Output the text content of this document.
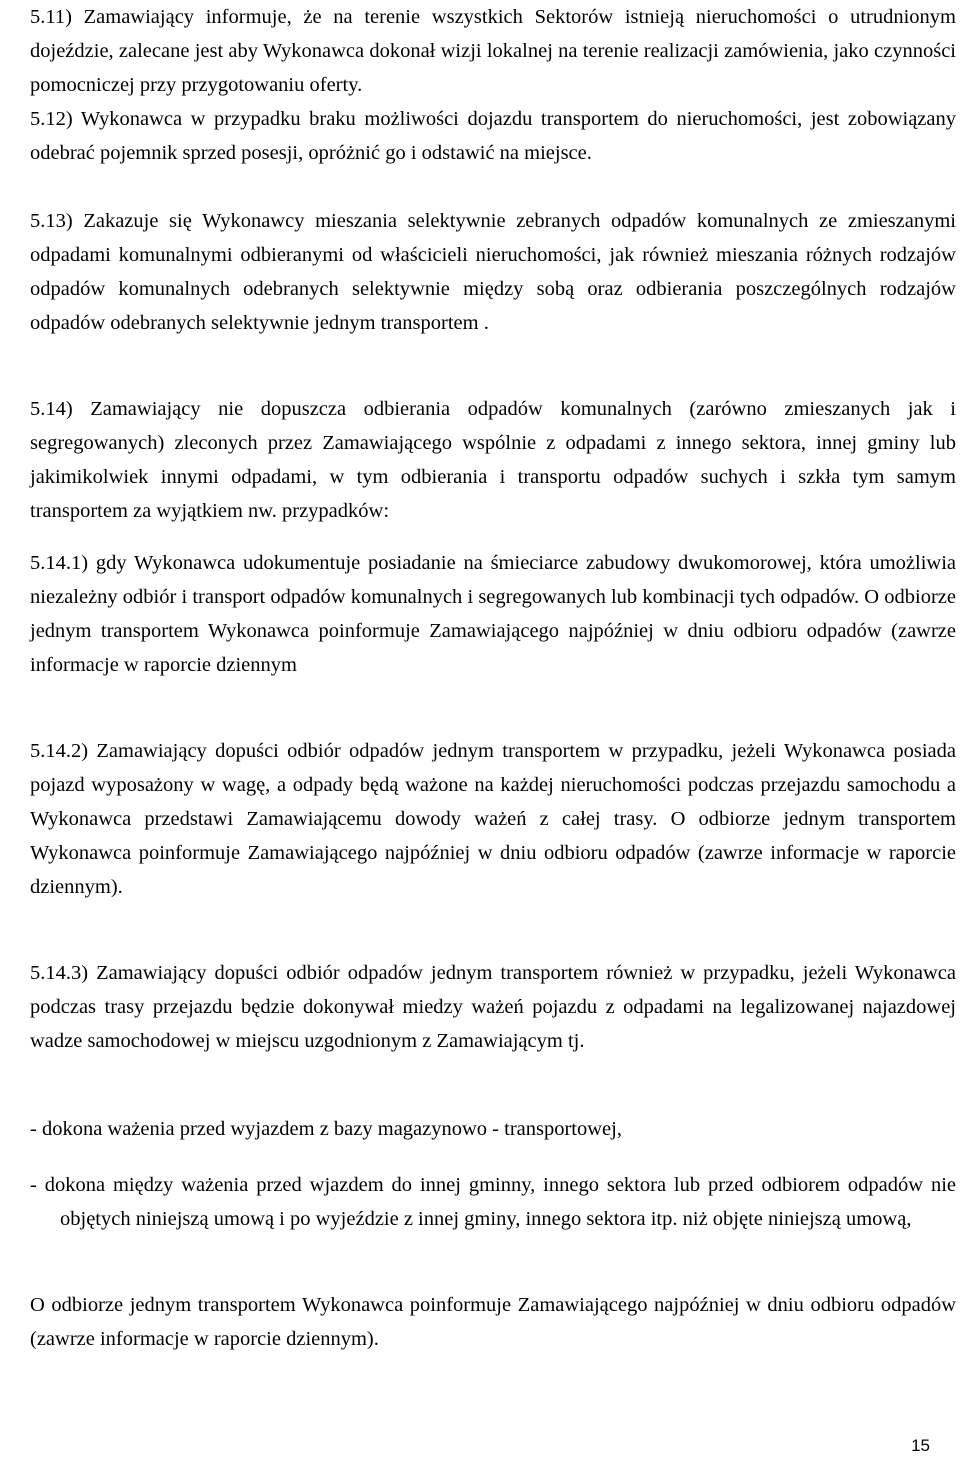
5.11) Zamawiający informuje, że na terenie wszystkich Sektorów istnieją nieruchomości o utrudnionym dojeździe, zalecane jest aby Wykonawca dokonał wizji lokalnej na terenie realizacji zamówienia, jako czynności pomocniczej przy przygotowaniu oferty.

5.12) Wykonawca w przypadku braku możliwości dojazdu transportem do nieruchomości, jest zobowiązany odebrać pojemnik sprzed posesji, opróżnić go i odstawić na miejsce.

5.13) Zakazuje się Wykonawcy mieszania selektywnie zebranych odpadów komunalnych ze zmieszanymi odpadami komunalnymi odbieranymi od właścicieli nieruchomości, jak również mieszania różnych rodzajów odpadów komunalnych odebranych selektywnie między sobą oraz odbierania poszczególnych rodzajów odpadów odebranych selektywnie jednym transportem .

5.14) Zamawiający nie dopuszcza odbierania odpadów komunalnych (zarówno zmieszanych jak i segregowanych) zleconych przez Zamawiającego wspólnie z odpadami z innego sektora, innej gminy lub jakimikolwiek innymi odpadami, w tym odbierania i transportu odpadów suchych i szkła tym samym transportem za wyjątkiem nw. przypadków:

5.14.1) gdy Wykonawca udokumentuje posiadanie na śmieciarce zabudowy dwukomorowej, która umożliwia niezależny odbiór i transport odpadów komunalnych i segregowanych lub kombinacji tych odpadów. O odbiorze jednym transportem Wykonawca poinformuje Zamawiającego najpóźniej w dniu odbioru odpadów (zawrze informacje w raporcie dziennym

5.14.2) Zamawiający dopuści odbiór odpadów jednym transportem w przypadku, jeżeli Wykonawca posiada pojazd wyposażony w wagę, a odpady będą ważone na każdej nieruchomości podczas przejazdu samochodu a Wykonawca przedstawi Zamawiającemu dowody ważeń z całej trasy. O odbiorze jednym transportem Wykonawca poinformuje Zamawiającego najpóźniej w dniu odbioru odpadów (zawrze informacje w raporcie dziennym).

5.14.3) Zamawiający dopuści odbiór odpadów jednym transportem również w przypadku, jeżeli Wykonawca podczas trasy przejazdu będzie dokonywał miedzy ważeń pojazdu z odpadami na legalizowanej najazdowej wadze samochodowej w miejscu uzgodnionym z Zamawiającym tj.

- dokona ważenia przed wyjazdem z bazy magazynowo - transportowej,

- dokona między ważenia przed wjazdem do innej gminny, innego sektora lub przed odbiorem odpadów nie objętych niniejszą umową i po wyjeździe z innej gminy, innego sektora itp. niż objęte niniejszą umową,

O odbiorze jednym transportem Wykonawca poinformuje Zamawiającego najpóźniej w dniu odbioru odpadów (zawrze informacje w raporcie dziennym).

15
